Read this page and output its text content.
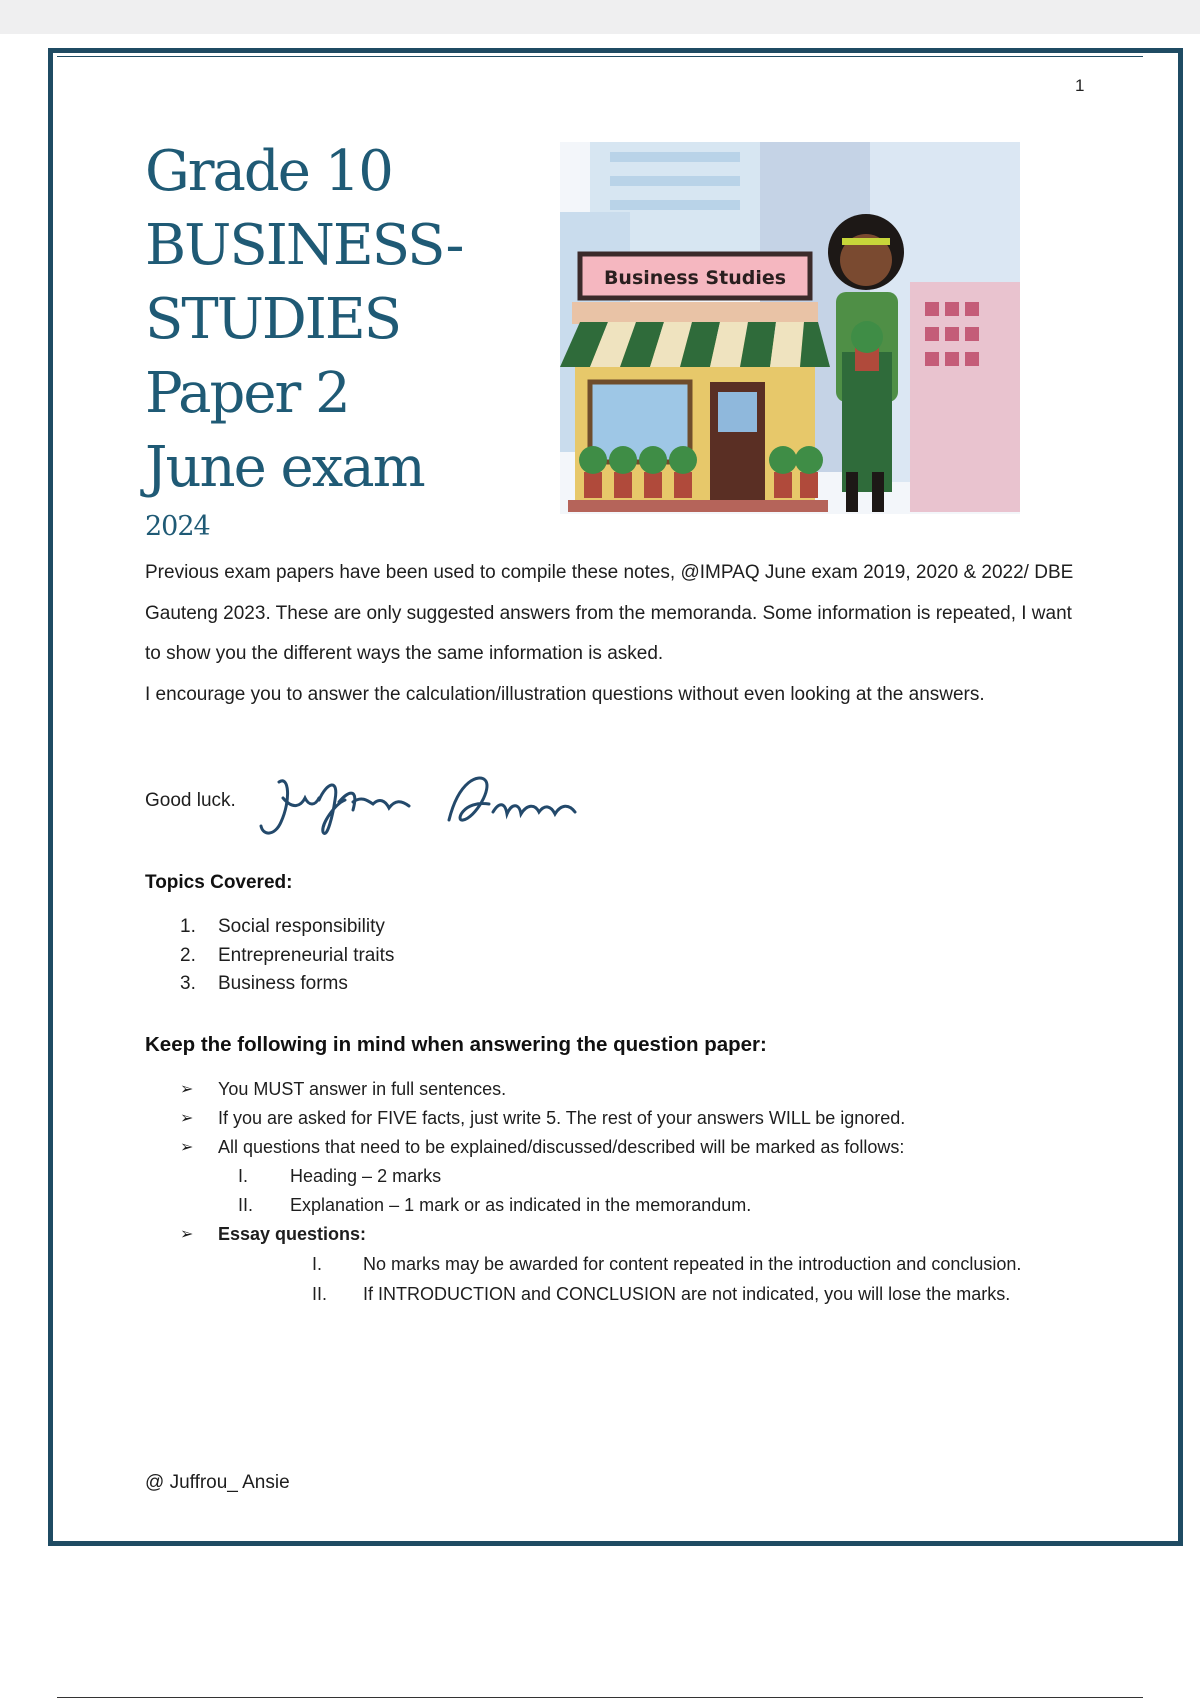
1
Grade 10
BUSINESS-
STUDIES
Paper 2
June exam
2024
Business Studies

Previous exam papers have been used to compile these notes, @IMPAQ June exam 2019, 2020 & 2022/ DBE Gauteng 2023. These are only suggested answers from the memoranda. Some information is repeated, I want to show you the different ways the same information is asked.

I encourage you to answer the calculation/illustration questions without even looking at the answers.

Good luck.
Topics Covered:
1.	Social responsibility
2.	Entrepreneurial traits
3.	Business forms
Keep the following in mind when answering the question paper:
➢ You MUST answer in full sentences.
➢ If you are asked for FIVE facts, just write 5. The rest of your answers WILL be ignored.
➢ All questions that need to be explained/discussed/described will be marked as follows:
I.	Heading – 2 marks
II.	Explanation – 1 mark or as indicated in the memorandum.
➢ Essay questions:
I.	No marks may be awarded for content repeated in the introduction and conclusion.
II.	If INTRODUCTION and CONCLUSION are not indicated, you will lose the marks.
@ Juffrou_ Ansie
